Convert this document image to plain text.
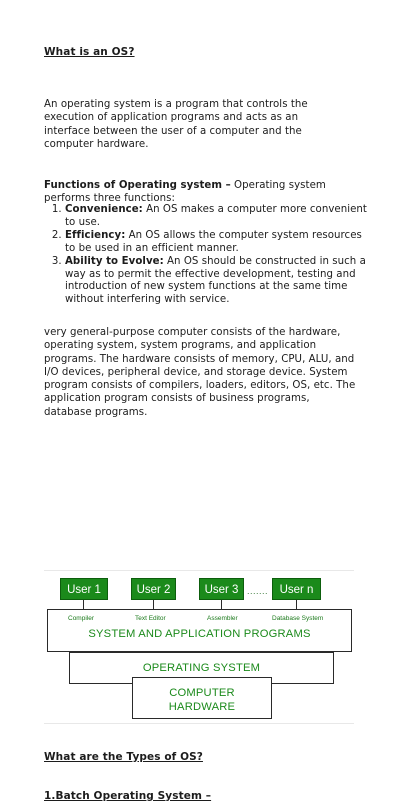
What is an OS?
An operating system is a program that controls the execution of application programs and acts as an interface between the user of a computer and the computer hardware.
Functions of Operating system – Operating system performs three functions:
1. Convenience: An OS makes a computer more convenient to use.
2. Efficiency: An OS allows the computer system resources to be used in an efficient manner.
3. Ability to Evolve: An OS should be constructed in such a way as to permit the effective development, testing and introduction of new system functions at the same time without interfering with service.
very general-purpose computer consists of the hardware, operating system, system programs, and application programs. The hardware consists of memory, CPU, ALU, and I/O devices, peripheral device, and storage device. System program consists of compilers, loaders, editors, OS, etc. The application program consists of business programs, database programs.
User 1	User 2	User 3 .......	User n
Compiler	Text Editor	Assembler	Database System
SYSTEM AND APPLICATION PROGRAMS
OPERATING SYSTEM
COMPUTER
HARDWARE
What are the Types of OS?
1.Batch Operating System –
